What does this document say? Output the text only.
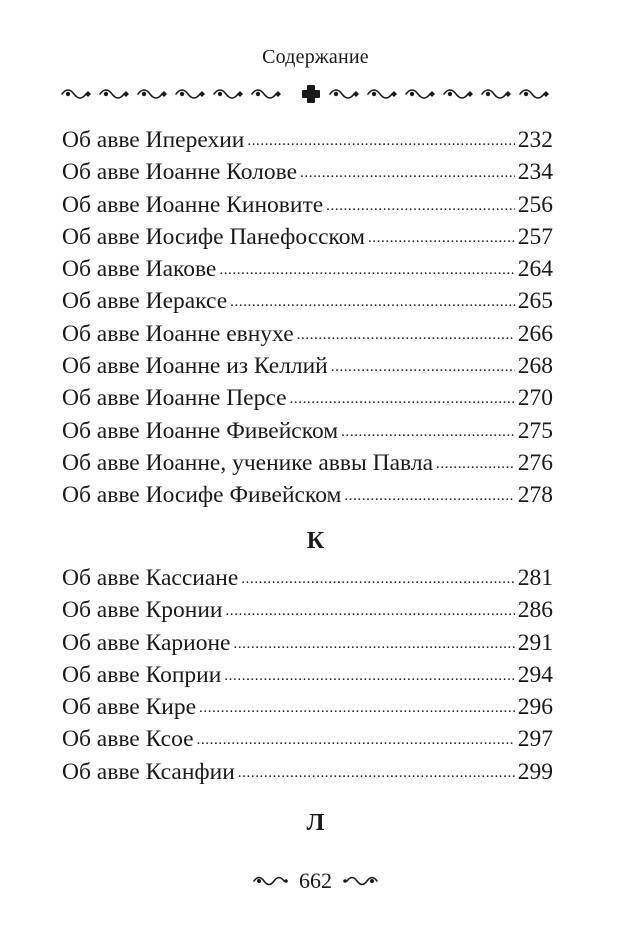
Содержание
Об авве Иперехии .....	232
Об авве Иоанне Колове .....	234
Об авве Иоанне Киновите .....	256
Об авве Иосифе Панефосском .....	257
Об авве Иакове .....	264
Об авве Иераксе .....	265
Об авве Иоанне евнухе .....	266
Об авве Иоанне из Келлий .....	268
Об авве Иоанне Персе .....	270
Об авве Иоанне Фивейском .....	275
Об авве Иоанне, ученике аввы Павла .....	276
Об авве Иосифе Фивейском .....	278
К
Об авве Кассиане .....	281
Об авве Кронии .....	286
Об авве Карионе .....	291
Об авве Коприи .....	294
Об авве Кире .....	296
Об авве Ксое .....	297
Об авве Ксанфии .....	299
Л
662
